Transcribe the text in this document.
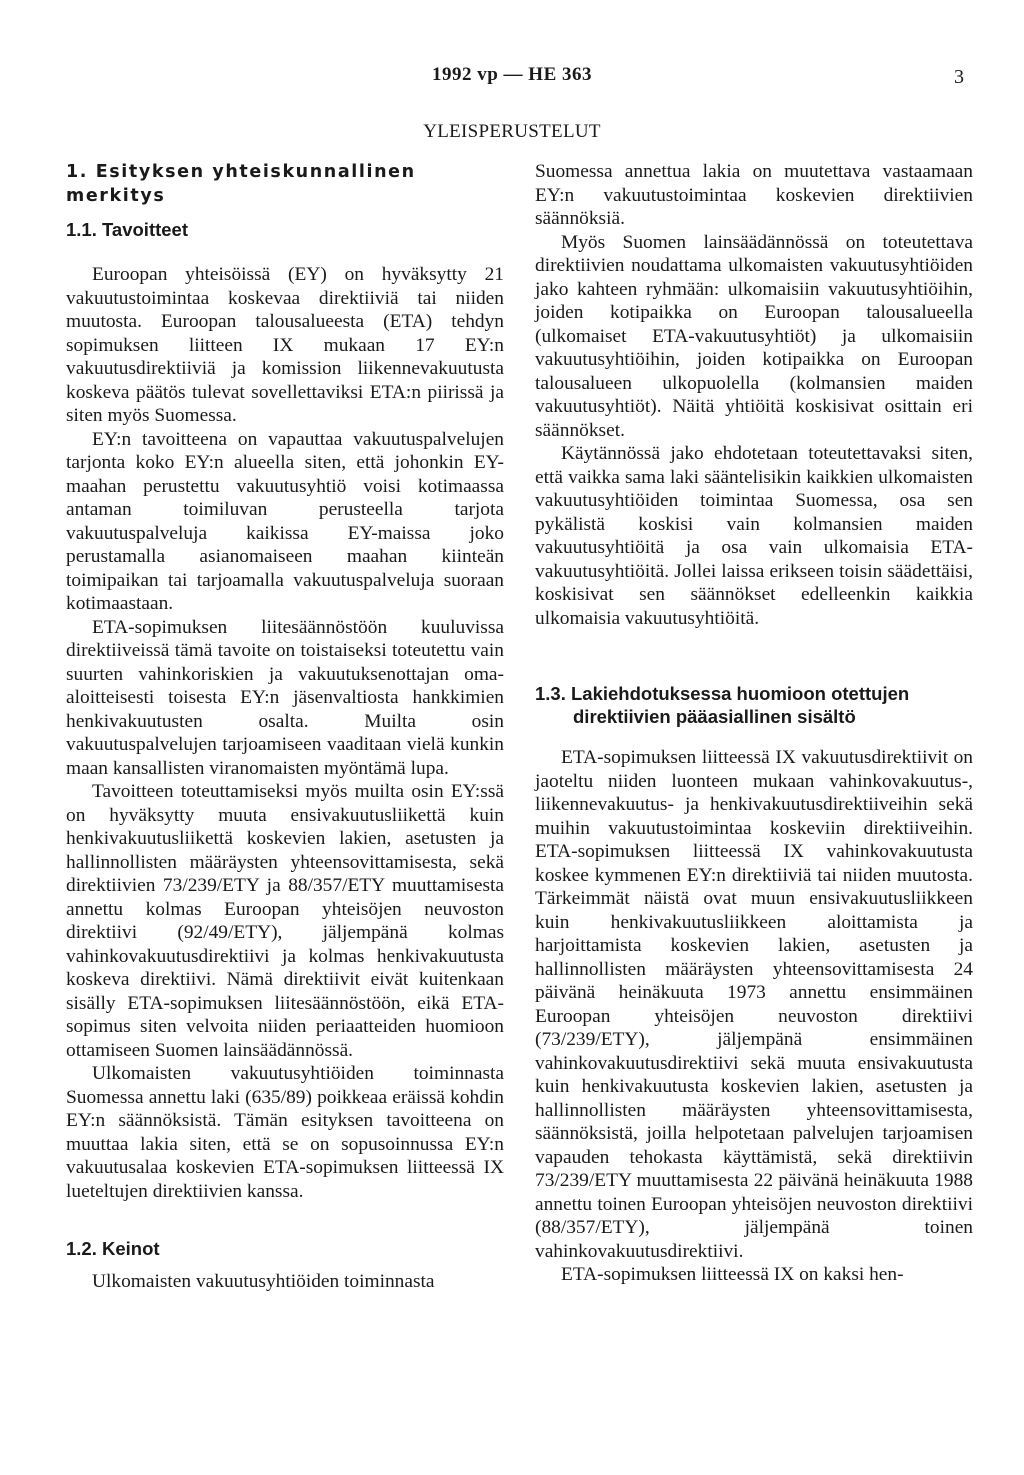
1992 vp — HE 363	3
YLEISPERUSTELUT
1. Esityksen yhteiskunnallinen merkitys
1.1. Tavoitteet

Euroopan yhteisöissä (EY) on hyväksytty 21 vakuutustoimintaa koskevaa direktiiviä tai niiden muutosta. Euroopan talousalueesta (ETA) tehdyn sopimuksen liitteen IX mukaan 17 EY:n vakuutusdirektiiviä ja komission liikennevakuutusta koskeva päätös tulevat sovellettaviksi ETA:n piirissä ja siten myös Suomessa.

EY:n tavoitteena on vapauttaa vakuutuspalvelujen tarjonta koko EY:n alueella siten, että johonkin EY-maahan perustettu vakuutusyhtiö voisi kotimaassa antaman toimiluvan perusteella tarjota vakuutuspalveluja kaikissa EY-maissa joko perustamalla asianomaiseen maahan kiinteän toimipaikan tai tarjoamalla vakuutuspalveluja suoraan kotimaastaan.

ETA-sopimuksen liitesäännöstöön kuuluvissa direktiiveissä tämä tavoite on toistaiseksi toteutettu vain suurten vahinkoriskien ja vakuutuksenottajan oma-aloitteisesti toisesta EY:n jäsenvaltiosta hankkimien henkivakuutusten osalta. Muilta osin vakuutuspalvelujen tarjoamiseen vaaditaan vielä kunkin maan kansallisten viranomaisten myöntämä lupa.

Tavoitteen toteuttamiseksi myös muilta osin EY:ssä on hyväksytty muuta ensivakuutusliikettä kuin henkivakuutusliikettä koskevien lakien, asetusten ja hallinnollisten määräysten yhteensovittamisesta, sekä direktiivien 73/239/ETY ja 88/357/ETY muuttamisesta annettu kolmas Euroopan yhteisöjen neuvoston direktiivi (92/49/ETY), jäljempänä kolmas vahinkovakuutusdirektiivi ja kolmas henkivakuutusta koskeva direktiivi. Nämä direktiivit eivät kuitenkaan sisälly ETA-sopimuksen liitesäännöstöön, eikä ETA-sopimus siten velvoita niiden periaatteiden huomioon ottamiseen Suomen lainsäädännössä.

Ulkomaisten vakuutusyhtiöiden toiminnasta Suomessa annettu laki (635/89) poikkeaa eräissä kohdin EY:n säännöksistä. Tämän esityksen tavoitteena on muuttaa lakia siten, että se on sopusoinnussa EY:n vakuutusalaa koskevien ETA-sopimuksen liitteessä IX lueteltujen direktiivien kanssa.

1.2. Keinot

Ulkomaisten vakuutusyhtiöiden toiminnasta

Suomessa annettua lakia on muutettava vastaamaan EY:n vakuutustoimintaa koskevien direktiivien säännöksiä.

Myös Suomen lainsäädännössä on toteutettava direktiivien noudattama ulkomaisten vakuutusyhtiöiden jako kahteen ryhmään: ulkomaisiin vakuutusyhtiöihin, joiden kotipaikka on Euroopan talousalueella (ulkomaiset ETA-vakuutusyhtiöt) ja ulkomaisiin vakuutusyhtiöihin, joiden kotipaikka on Euroopan talousalueen ulkopuolella (kolmansien maiden vakuutusyhtiöt). Näitä yhtiöitä koskisivat osittain eri säännökset.

Käytännössä jako ehdotetaan toteutettavaksi siten, että vaikka sama laki sääntelisikin kaikkien ulkomaisten vakuutusyhtiöiden toimintaa Suomessa, osa sen pykälistä koskisi vain kolmansien maiden vakuutusyhtiöitä ja osa vain ulkomaisia ETA-vakuutusyhtiöitä. Jollei laissa erikseen toisin säädettäisi, koskisivat sen säännökset edelleenkin kaikkia ulkomaisia vakuutusyhtiöitä.

1.3. Lakiehdotuksessa huomioon otettujen direktiivien pääasiallinen sisältö

ETA-sopimuksen liitteessä IX vakuutusdirektiivit on jaoteltu niiden luonteen mukaan vahinkovakuutus-, liikennevakuutus- ja henkivakuutusdirektiiveihin sekä muihin vakuutustoimintaa koskeviin direktiiveihin. ETA-sopimuksen liitteessä IX vahinkovakuutusta koskee kymmenen EY:n direktiiviä tai niiden muutosta. Tärkeimmät näistä ovat muun ensivakuutusliikkeen kuin henkivakuutusliikkeen aloittamista ja harjoittamista koskevien lakien, asetusten ja hallinnollisten määräysten yhteensovittamisesta 24 päivänä heinäkuuta 1973 annettu ensimmäinen Euroopan yhteisöjen neuvoston direktiivi (73/239/ETY), jäljempänä ensimmäinen vahinkovakuutusdirektiivi sekä muuta ensivakuutusta kuin henkivakuutusta koskevien lakien, asetusten ja hallinnollisten määräysten yhteensovittamisesta, säännöksistä, joilla helpotetaan palvelujen tarjoamisen vapauden tehokasta käyttämistä, sekä direktiivin 73/239/ETY muuttamisesta 22 päivänä heinäkuuta 1988 annettu toinen Euroopan yhteisöjen neuvoston direktiivi (88/357/ETY), jäljempänä toinen vahinkovakuutusdirektiivi.

ETA-sopimuksen liitteessä IX on kaksi hen-
